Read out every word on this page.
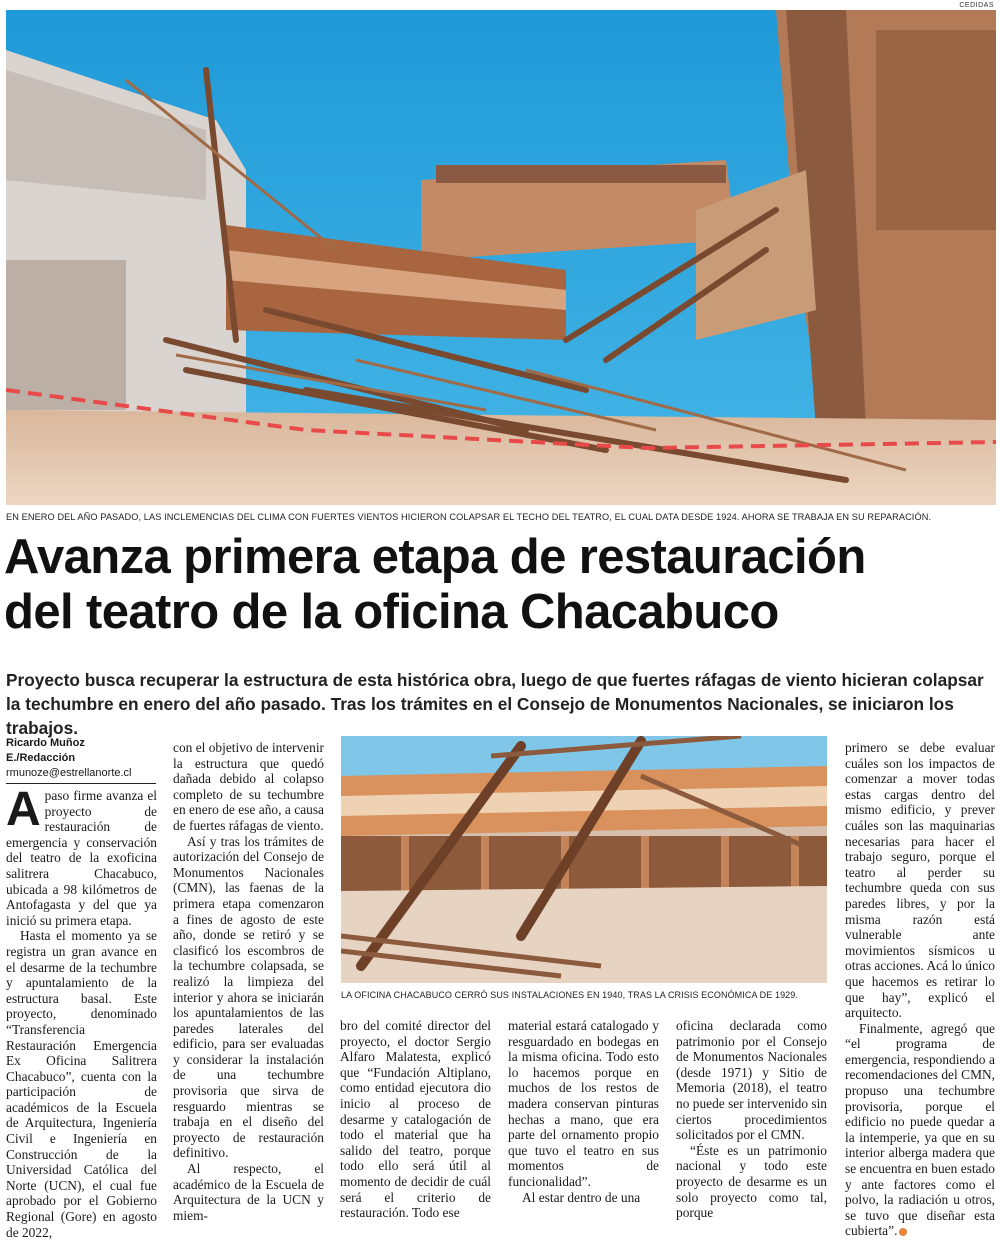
CEDIDAS
EN ENERO DEL AÑO PASADO, LAS INCLEMENCIAS DEL CLIMA CON FUERTES VIENTOS HICIERON COLAPSAR EL TECHO DEL TEATRO, EL CUAL DATA DESDE 1924. AHORA SE TRABAJA EN SU REPARACIÓN.
Avanza primera etapa de restauración
del teatro de la oficina Chacabuco
Proyecto busca recuperar la estructura de esta histórica obra, luego de que fuertes ráfagas de viento hicieran colapsar la techumbre en enero del año pasado. Tras los trámites en el Consejo de Monumentos Nacionales, se iniciaron los trabajos.
Ricardo Muñoz E./Redacción
rmunoze@estrellanorte.cl

Apaso firme avanza el proyecto de restauración de emergencia y conservación del teatro de la exoficina salitrera Chacabuco, ubicada a 98 kilómetros de Antofagasta y del que ya inició su primera etapa.

Hasta el momento ya se registra un gran avance en el desarme de la techumbre y apuntalamiento de la estructura basal. Este proyecto, denominado “Transferencia Restauración Emergencia Ex Oficina Salitrera Chacabuco”, cuenta con la participación de académicos de la Escuela de Arquitectura, Ingeniería Civil e Ingeniería en Construcción de la Universidad Católica del Norte (UCN), el cual fue aprobado por el Gobierno Regional (Gore) en agosto de 2022,

con el objetivo de intervenir la estructura que quedó dañada debido al colapso completo de su techumbre en enero de ese año, a causa de fuertes ráfagas de viento.

Así y tras los trámites de autorización del Consejo de Monumentos Nacionales (CMN), las faenas de la primera etapa comenzaron a fines de agosto de este año, donde se retiró y se clasificó los escombros de la techumbre colapsada, se realizó la limpieza del interior y ahora se iniciarán los apuntalamientos de las paredes laterales del edificio, para ser evaluadas y considerar la instalación de una techumbre provisoria que sirva de resguardo mientras se trabaja en el diseño del proyecto de restauración definitivo.

Al respecto, el académico de la Escuela de Arquitectura de la UCN y miem-

LA OFICINA CHACABUCO CERRÓ SUS INSTALACIONES EN 1940, TRAS LA CRISIS ECONÓMICA DE 1929.

bro del comité director del proyecto, el doctor Sergio Alfaro Malatesta, explicó que “Fundación Altiplano, como entidad ejecutora dio inicio al proceso de desarme y catalogación de todo el material que ha salido del teatro, porque todo ello será útil al momento de decidir de cuál será el criterio de restauración. Todo ese

material estará catalogado y resguardado en bodegas en la misma oficina. Todo esto lo hacemos porque en muchos de los restos de madera conservan pinturas hechas a mano, que era parte del ornamento propio que tuvo el teatro en sus momentos de funcionalidad”.

Al estar dentro de una

oficina declarada como patrimonio por el Consejo de Monumentos Nacionales (desde 1971) y Sitio de Memoria (2018), el teatro no puede ser intervenido sin ciertos procedimientos solicitados por el CMN.

“Éste es un patrimonio nacional y todo este proyecto de desarme es un solo proyecto como tal, porque

primero se debe evaluar cuáles son los impactos de comenzar a mover todas estas cargas dentro del mismo edificio, y prever cuáles son las maquinarias necesarias para hacer el trabajo seguro, porque el teatro al perder su techumbre queda con sus paredes libres, y por la misma razón está vulnerable ante movimientos sísmicos u otras acciones. Acá lo único que hacemos es retirar lo que hay”, explicó el arquitecto.

Finalmente, agregó que “el programa de emergencia, respondiendo a recomendaciones del CMN, propuso una techumbre provisoria, porque el edificio no puede quedar a la intemperie, ya que en su interior alberga madera que se encuentra en buen estado y ante factores como el polvo, la radiación u otros, se tuvo que diseñar esta cubierta”.
